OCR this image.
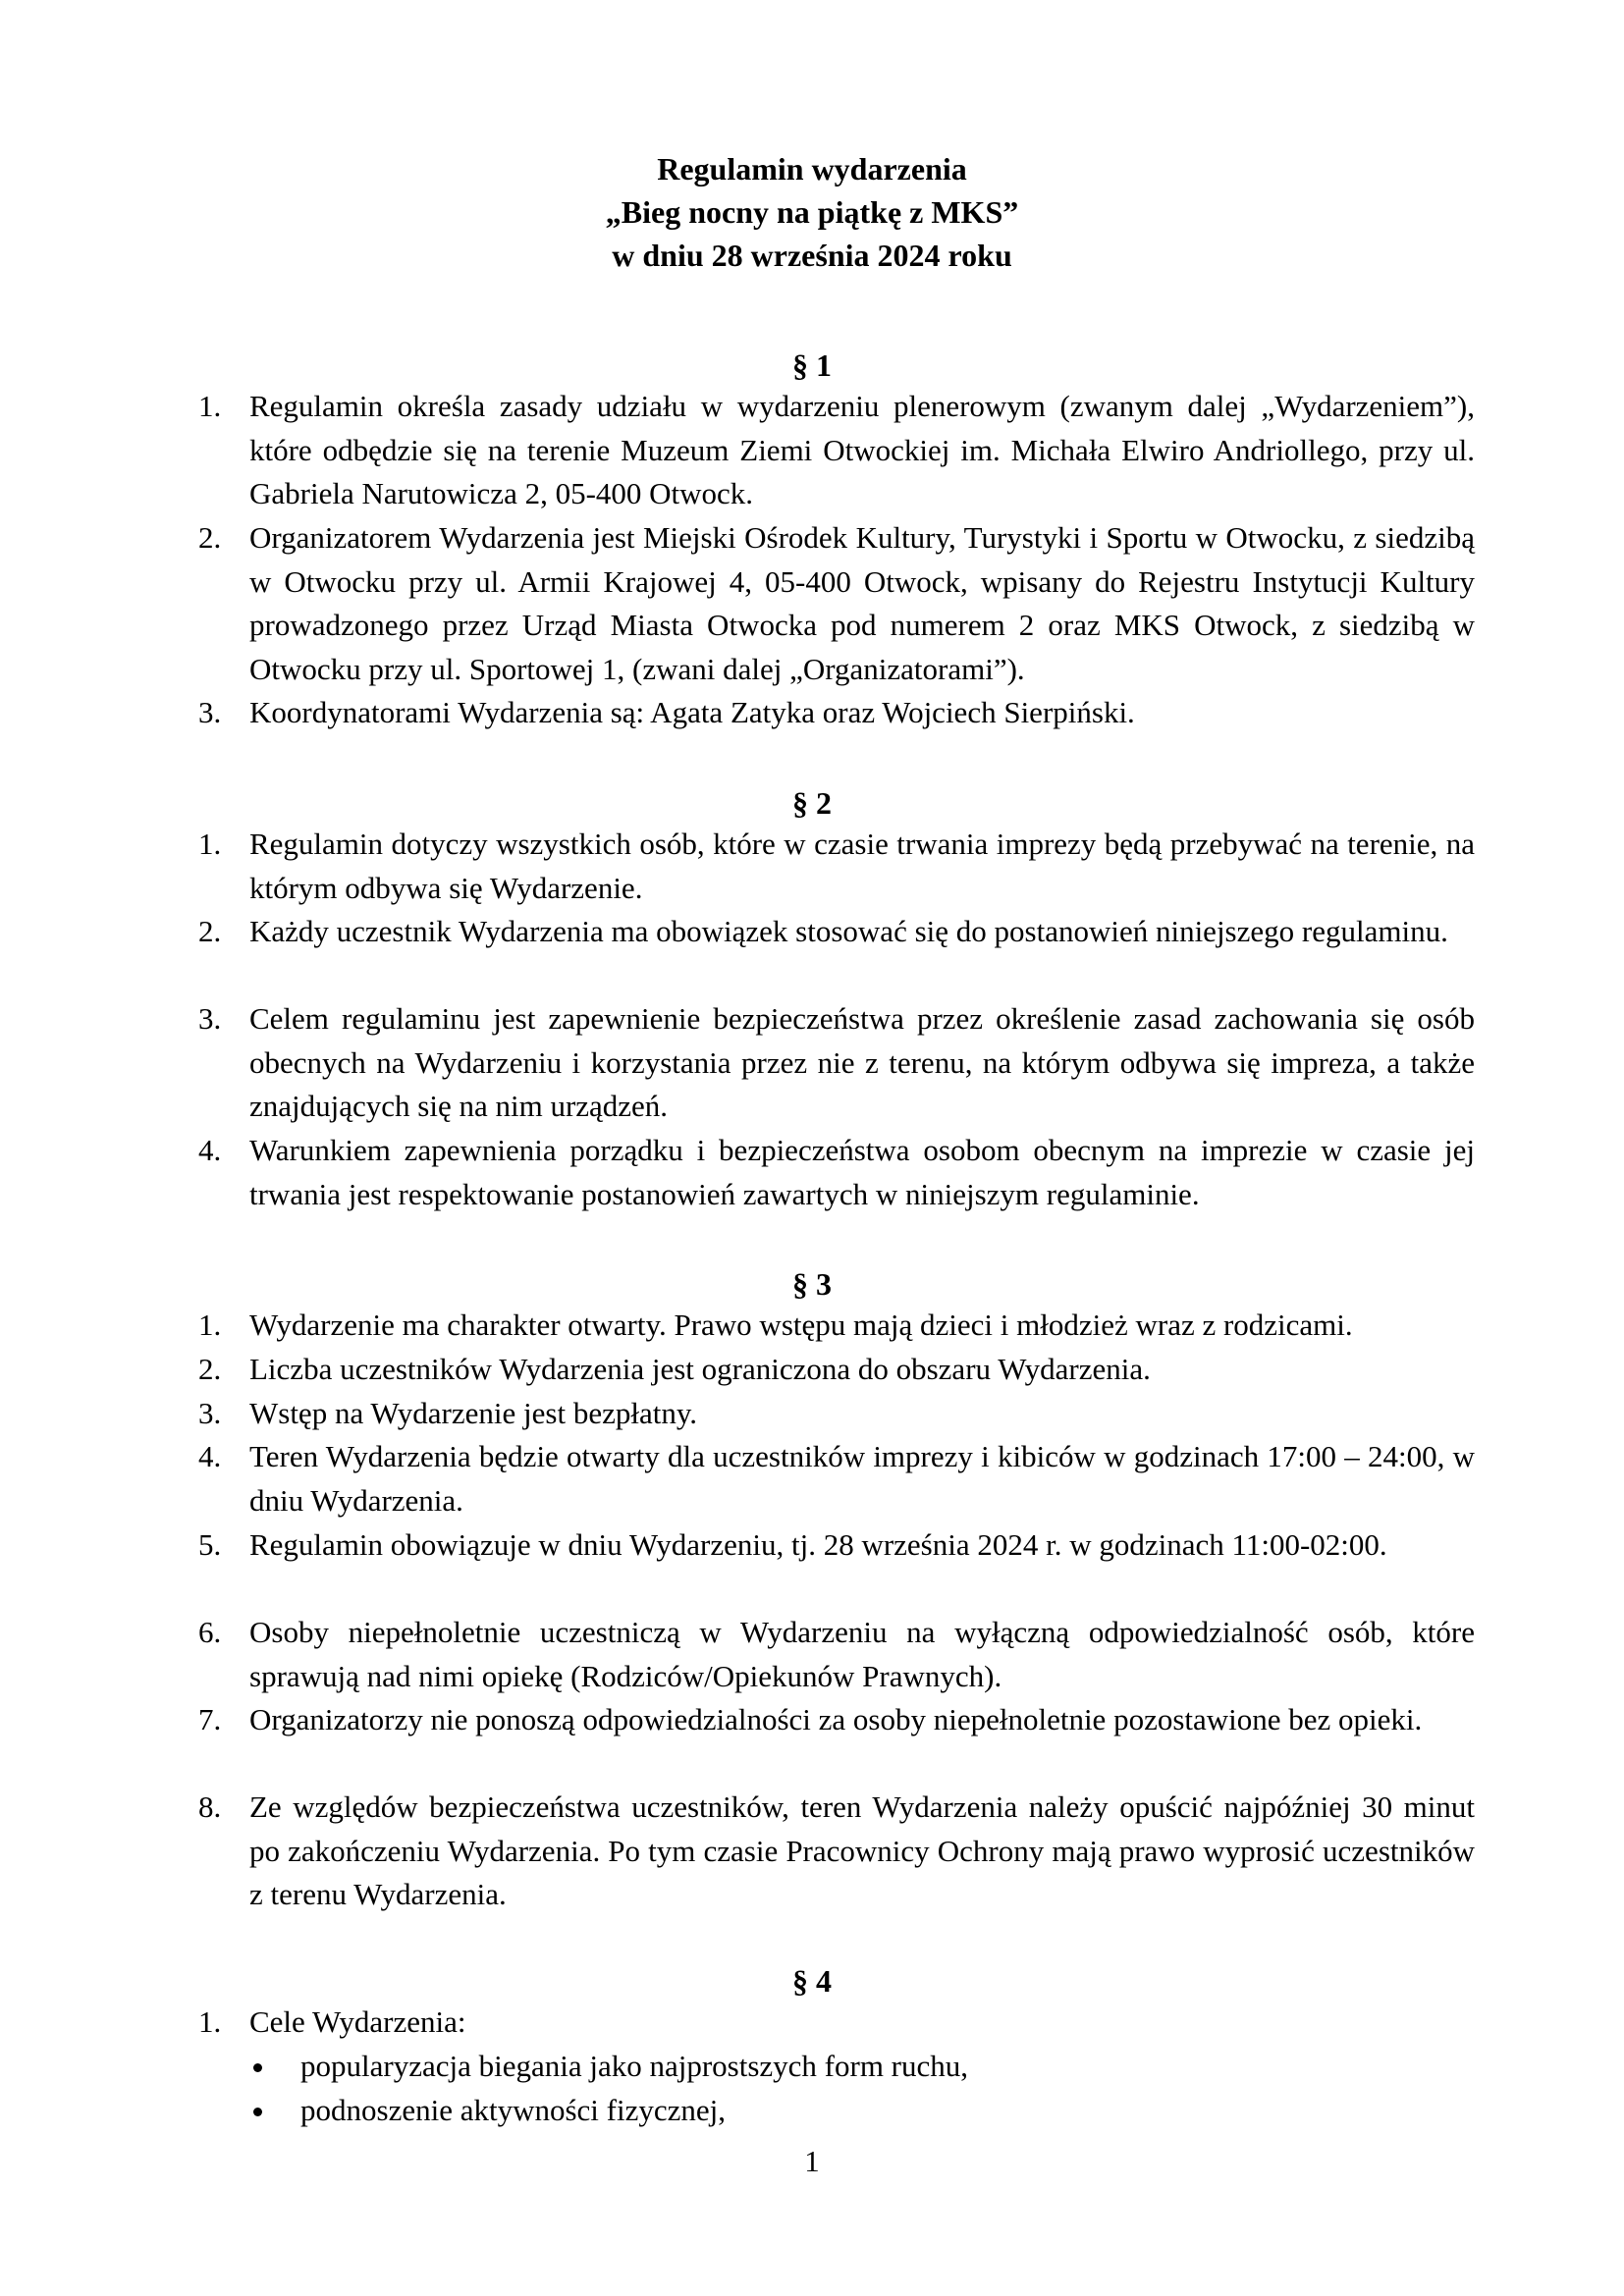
Regulamin wydarzenia
„Bieg nocny na piątkę z MKS”
w dniu 28 września 2024 roku
§ 1
1. Regulamin określa zasady udziału w wydarzeniu plenerowym (zwanym dalej „Wydarzeniem”), które odbędzie się na terenie Muzeum Ziemi Otwockiej im. Michała Elwiro Andriollego, przy ul. Gabriela Narutowicza 2, 05-400 Otwock.
2. Organizatorem Wydarzenia jest Miejski Ośrodek Kultury, Turystyki i Sportu w Otwocku, z siedzibą w Otwocku przy ul. Armii Krajowej 4, 05-400 Otwock, wpisany do Rejestru Instytucji Kultury prowadzonego przez Urząd Miasta Otwocka pod numerem 2 oraz MKS Otwock, z siedzibą w Otwocku przy ul. Sportowej 1, (zwani dalej „Organizatorami”).
3. Koordynatorami Wydarzenia są: Agata Zatyka oraz Wojciech Sierpiński.
§ 2
1. Regulamin dotyczy wszystkich osób, które w czasie trwania imprezy będą przebywać na terenie, na którym odbywa się Wydarzenie.
2. Każdy uczestnik Wydarzenia ma obowiązek stosować się do postanowień niniejszego regulaminu.
3. Celem regulaminu jest zapewnienie bezpieczeństwa przez określenie zasad zachowania się osób obecnych na Wydarzeniu i korzystania przez nie z terenu, na którym odbywa się impreza, a także znajdujących się na nim urządzeń.
4. Warunkiem zapewnienia porządku i bezpieczeństwa osobom obecnym na imprezie w czasie jej trwania jest respektowanie postanowień zawartych w niniejszym regulaminie.
§ 3
1. Wydarzenie ma charakter otwarty. Prawo wstępu mają dzieci i młodzież wraz z rodzicami.
2. Liczba uczestników Wydarzenia jest ograniczona do obszaru Wydarzenia.
3. Wstęp na Wydarzenie jest bezpłatny.
4. Teren Wydarzenia będzie otwarty dla uczestników imprezy i kibiców w godzinach 17:00 – 24:00, w dniu Wydarzenia.
5. Regulamin obowiązuje w dniu Wydarzeniu, tj. 28 września 2024 r. w godzinach 11:00-02:00.
6. Osoby niepełnoletnie uczestniczą w Wydarzeniu na wyłączną odpowiedzialność osób, które sprawują nad nimi opiekę (Rodziców/Opiekunów Prawnych).
7. Organizatorzy nie ponoszą odpowiedzialności za osoby niepełnoletnie pozostawione bez opieki.
8. Ze względów bezpieczeństwa uczestników, teren Wydarzenia należy opuścić najpóźniej 30 minut po zakończeniu Wydarzenia. Po tym czasie Pracownicy Ochrony mają prawo wyprosić uczestników z terenu Wydarzenia.
§ 4
1. Cele Wydarzenia:
popularyzacja biegania jako najprostszych form ruchu,
podnoszenie aktywności fizycznej,
1
